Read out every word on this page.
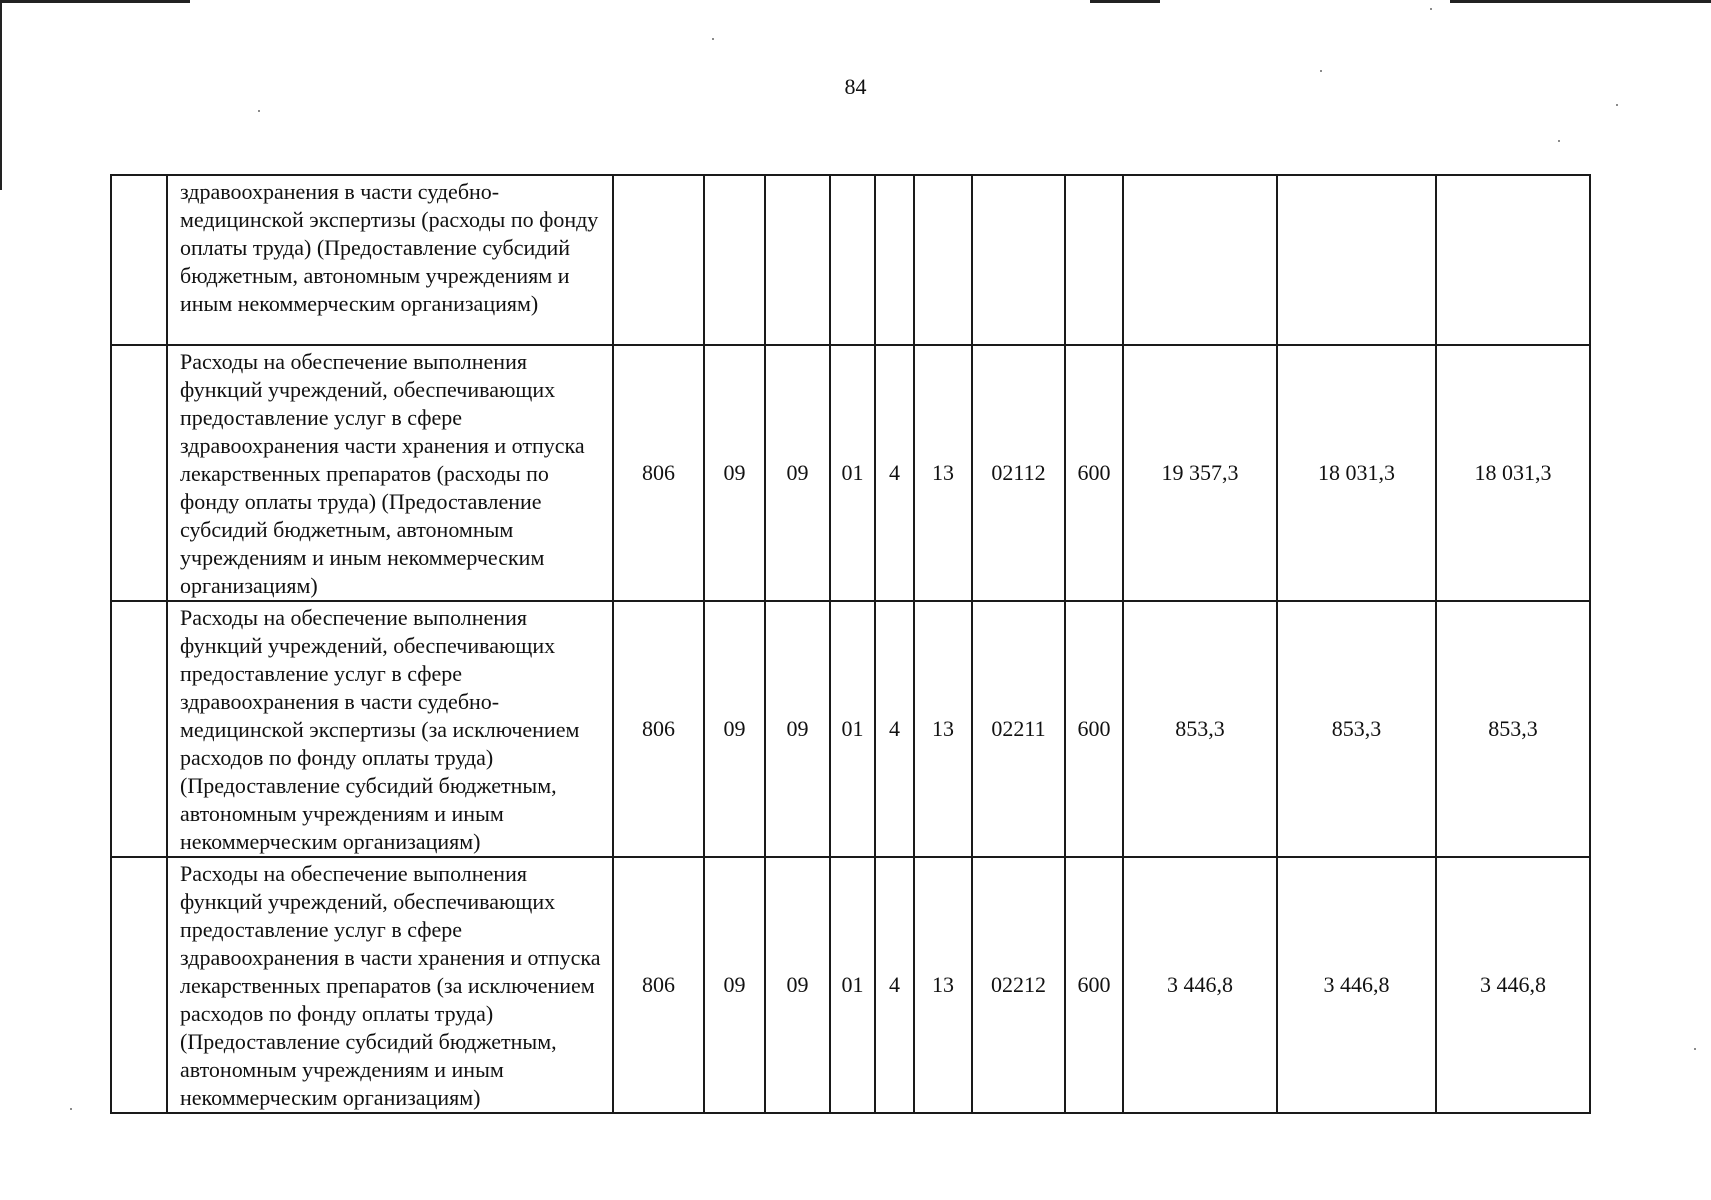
84
	здравоохранения в части судебно-медицинской экспертизы (расходы по фонду оплаты труда) (Предоставление субсидий бюджетным, автономным учреждениям и иным некоммерческим организациям)											
	Расходы на обеспечение выполнения функций учреждений, обеспечивающих предоставление услуг в сфере здравоохранения части хранения и отпуска лекарственных препаратов (расходы по фонду оплаты труда) (Предоставление субсидий бюджетным, автономным учреждениям и иным некоммерческим организациям)	806	09	09	01	4	13	02112	600	19 357,3	18 031,3	18 031,3
	Расходы на обеспечение выполнения функций учреждений, обеспечивающих предоставление услуг в сфере здравоохранения в части судебно-медицинской экспертизы (за исключением расходов по фонду оплаты труда) (Предоставление субсидий бюджетным, автономным учреждениям и иным некоммерческим организациям)	806	09	09	01	4	13	02211	600	853,3	853,3	853,3
	Расходы на обеспечение выполнения функций учреждений, обеспечивающих предоставление услуг в сфере здравоохранения в части хранения и отпуска лекарственных препаратов (за исключением расходов по фонду оплаты труда) (Предоставление субсидий бюджетным, автономным учреждениям и иным некоммерческим организациям)	806	09	09	01	4	13	02212	600	3 446,8	3 446,8	3 446,8
